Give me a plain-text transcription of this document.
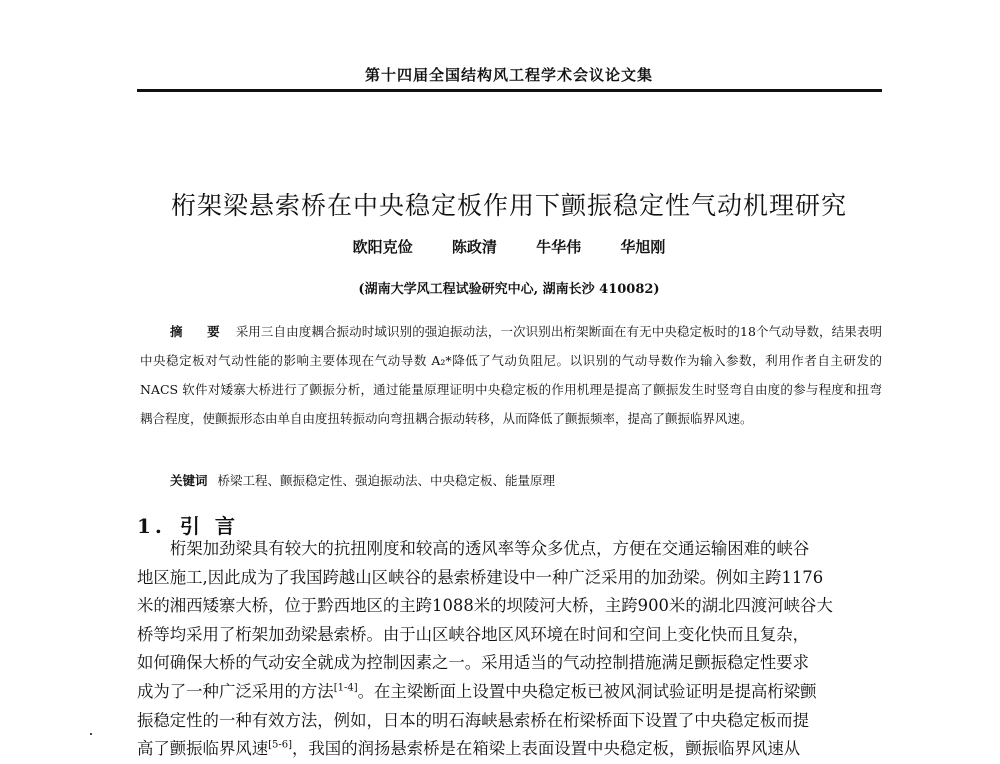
第十四届全国结构风工程学术会议论文集
桁架梁悬索桥在中央稳定板作用下颤振稳定性气动机理研究
欧阳克俭	陈政清	牛华伟	华旭刚
(湖南大学风工程试验研究中心, 湖南长沙 410082)
摘 要 采用三自由度耦合振动时域识别的强迫振动法，一次识别出桁架断面在有无中央稳定板时的18个气动导数，结果表明中央稳定板对气动性能的影响主要体现在气动导数 A₂*降低了气动负阻尼。以识别的气动导数作为输入参数，利用作者自主研发的 NACS 软件对矮寨大桥进行了颤振分析，通过能量原理证明中央稳定板的作用机理是提高了颤振发生时竖弯自由度的参与程度和扭弯耦合程度，使颤振形态由单自由度扭转振动向弯扭耦合振动转移，从而降低了颤振频率，提高了颤振临界风速。
关键词 桥梁工程、颤振稳定性、强迫振动法、中央稳定板、能量原理
1. 引 言
桁架加劲梁具有较大的抗扭刚度和较高的透风率等众多优点，方便在交通运输困难的峡谷
地区施工,因此成为了我国跨越山区峡谷的悬索桥建设中一种广泛采用的加劲梁。例如主跨1176
米的湘西矮寨大桥，位于黔西地区的主跨1088米的坝陵河大桥，主跨900米的湖北四渡河峡谷大
桥等均采用了桁架加劲梁悬索桥。由于山区峡谷地区风环境在时间和空间上变化快而且复杂，
如何确保大桥的气动安全就成为控制因素之一。采用适当的气动控制措施满足颤振稳定性要求
成为了一种广泛采用的方法[1-4]。在主梁断面上设置中央稳定板已被风洞试验证明是提高桁梁颤
振稳定性的一种有效方法，例如，日本的明石海峡悬索桥在桁梁桥面下设置了中央稳定板而提
高了颤振临界风速[5-6]，我国的润扬悬索桥是在箱梁上表面设置中央稳定板，颤振临界风速从
